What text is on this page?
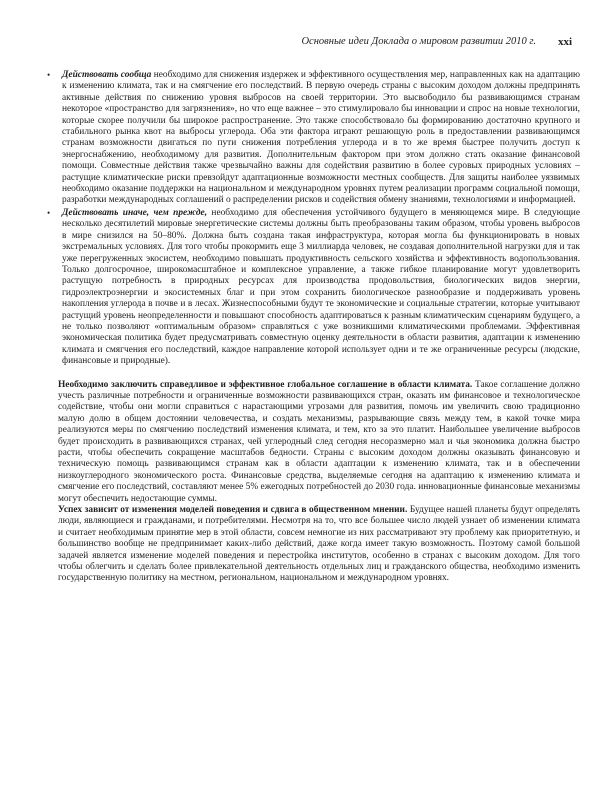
Основные идеи Доклада о мировом развитии 2010 г. xxi
• Действовать сообща необходимо для снижения издержек и эффективного осуществления мер, направленных как на адаптацию к изменению климата, так и на смягчение его последствий. В первую очередь страны с высоким доходом должны предпринять активные действия по снижению уровня выбросов на своей территории. Это высвободило бы развивающимся странам некоторое «пространство для загрязнения», но что еще важнее – это стимулировало бы инновации и спрос на новые технологии, которые скорее получили бы широкое распространение. Это также способствовало бы формированию достаточно крупного и стабильного рынка квот на выбросы углерода. Оба эти фактора играют решающую роль в предоставлении развивающимся странам возможности двигаться по пути снижения потребления углерода и в то же время быстрее получить доступ к энергоснабжению, необходимому для развития. Дополнительным фактором при этом должно стать оказание финансовой помощи. Совместные действия также чрезвычайно важны для содействия развитию в более суровых природных условиях – растущие климатические риски превзойдут адаптационные возможности местных сообществ. Для защиты наиболее уязвимых необходимо оказание поддержки на национальном и международном уровнях путем реализации программ социальной помощи, разработки международных соглашений о распределении рисков и содействия обмену знаниями, технологиями и информацией.
• Действовать иначе, чем прежде, необходимо для обеспечения устойчивого будущего в меняющемся мире. В следующие несколько десятилетий мировые энергетические системы должны быть преобразованы таким образом, чтобы уровень выбросов в мире снизился на 50–80%. Должна быть создана такая инфраструктура, которая могла бы функционировать в новых экстремальных условиях. Для того чтобы прокормить еще 3 миллиарда человек, не создавая дополнительной нагрузки для и так уже перегруженных экосистем, необходимо повышать продуктивность сельского хозяйства и эффективность водопользования. Только долгосрочное, широкомасштабное и комплексное управление, а также гибкое планирование могут удовлетворить растущую потребность в природных ресурсах для производства продовольствия, биологических видов энергии, гидроэлектроэнергии и экосистемных благ и при этом сохранить биологическое разнообразие и поддерживать уровень накопления углерода в почве и в лесах. Жизнеспособными будут те экономические и социальные стратегии, которые учитывают растущий уровень неопределенности и повышают способность адаптироваться к разным климатическим сценариям будущего, а не только позволяют «оптимальным образом» справляться с уже возникшими климатическими проблемами. Эффективная экономическая политика будет предусматривать совместную оценку деятельности в области развития, адаптации к изменению климата и смягчения его последствий, каждое направление которой использует одни и те же ограниченные ресурсы (людские, финансовые и природные).

Необходимо заключить справедливое и эффективное глобальное соглашение в области климата. Такое соглашение должно учесть различные потребности и ограниченные возможности развивающихся стран, оказать им финансовое и технологическое содействие, чтобы они могли справиться с нарастающими угрозами для развития, помочь им увеличить свою традиционно малую долю в общем достоянии человечества, и создать механизмы, разрывающие связь между тем, в какой точке мира реализуются меры по смягчению последствий изменения климата, и тем, кто за это платит. Наибольшее увеличение выбросов будет происходить в развивающихся странах, чей углеродный след сегодня несоразмерно мал и чья экономика должна быстро расти, чтобы обеспечить сокращение масштабов бедности. Страны с высоким доходом должны оказывать финансовую и техническую помощь развивающимся странам как в области адаптации к изменению климата, так и в обеспечении низкоуглеродного экономического роста. Финансовые средства, выделяемые сегодня на адаптацию к изменению климата и смягчение его последствий, составляют менее 5% ежегодных потребностей до 2030 года. инновационные финансовые механизмы могут обеспечить недостающие суммы.

Успех зависит от изменения моделей поведения и сдвига в общественном мнении. Будущее нашей планеты будут определять люди, являющиеся и гражданами, и потребителями. Несмотря на то, что все большее число людей узнает об изменении климата и считает необходимым принятие мер в этой области, совсем немногие из них рассматривают эту проблему как приоритетную, и большинство вообще не предпринимает каких-либо действий, даже когда имеет такую возможность. Поэтому самой большой задачей является изменение моделей поведения и перестройка институтов, особенно в странах с высоким доходом. Для того чтобы облегчить и сделать более привлекательной деятельность отдельных лиц и гражданского общества, необходимо изменить государственную политику на местном, региональном, национальном и международном уровнях.
